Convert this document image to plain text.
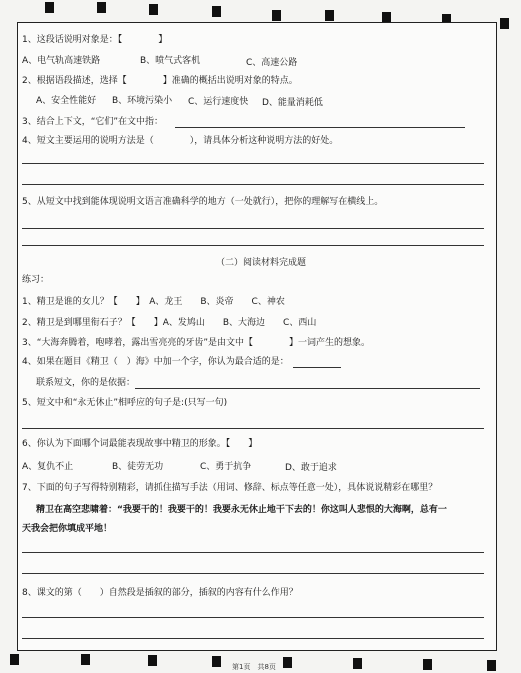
1、这段话说明对象是：【　　　　】
A、电气轨高速铁路	B、喷气式客机	C、高速公路
2、根据语段描述，选择【　　　　】准确的概括出说明对象的特点。
A、安全性能好 B、环境污染小 C、运行速度快 D、能量消耗低
3、结合上下文，“它们”在文中指：
4、短文主要运用的说明方法是（　　　　），请具体分析这种说明方法的好处。
5、从短文中找到能体现说明文语言准确科学的地方（一处就行），把你的理解写在横线上。
（二）阅读材料完成题
练习：
1、精卫是谁的女儿？【　　】　A、龙王　　B、炎帝　　C、神农
2、精卫是到哪里衔石子？【　　】A、发鸠山　　B、大海边　　C、西山
3、“大海奔腾着，咆哮着，露出雪亮亮的牙齿”是由文中【　　　　】一词产生的想象。
4、如果在题目《精卫（　）海》中加一个字，你认为最合适的是：
联系短文，你的是依据：
5、短文中和“永无休止”相呼应的句子是:(只写一句)
6、你认为下面哪个词最能表现故事中精卫的形象。【　　】
A、复仇不止	B、徒劳无功	C、勇于抗争	D、敢于追求
7、下面的句子写得特别精彩，请抓住描写手法（用词、修辞、标点等任意一处），具体说说精彩在哪里？
精卫在高空悲啸着：“我要干的！我要干的！我要永无休止地干下去的！你这叫人悲恨的大海啊，总有一
天我会把你填成平地！
8、课文的第（　　）自然段是插叙的部分，插叙的内容有什么作用？
第1页　共8页
